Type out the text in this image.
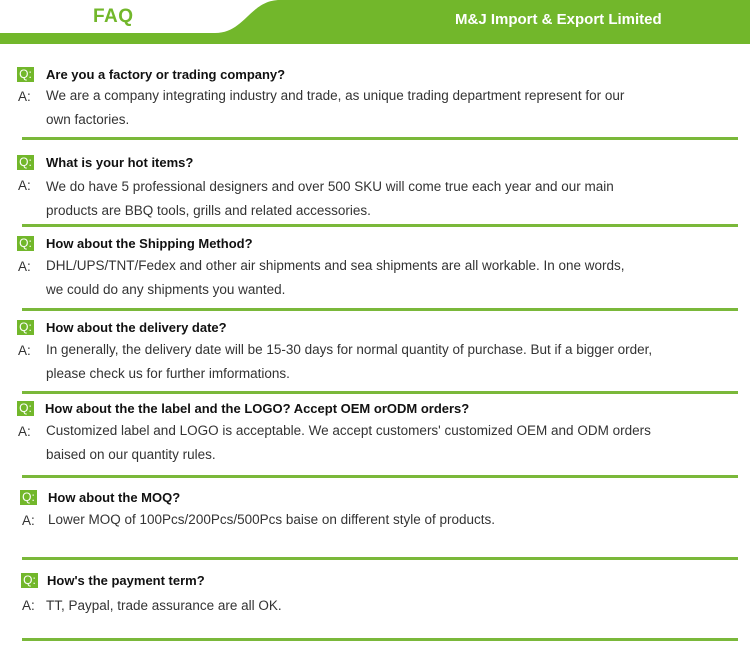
FAQ	M&J Import & Export Limited
Q: Are you a factory or trading company?
A: We are a company integrating industry and trade, as unique trading department represent for our
own factories.
Q: What is your hot items?
A: We do have 5 professional designers and over 500 SKU will come true each year and our main
products are BBQ tools, grills and related accessories.
Q: How about the Shipping Method?
A: DHL/UPS/TNT/Fedex and other air shipments and sea shipments are all workable. In one words,
we could do any shipments you wanted.
Q: How about the delivery date?
A: In generally, the delivery date will be 15-30 days for normal quantity of purchase. But if a bigger order,
please check us for further imformations.
Q: How about the the label and the LOGO? Accept OEM orODM orders?
A: Customized label and LOGO is acceptable. We accept customers' customized OEM and ODM orders
baised on our quantity rules.
Q: How about the MOQ?
A: Lower MOQ of 100Pcs/200Pcs/500Pcs baise on different style of products.
Q: How's the payment term?
A: TT, Paypal, trade assurance are all OK.
